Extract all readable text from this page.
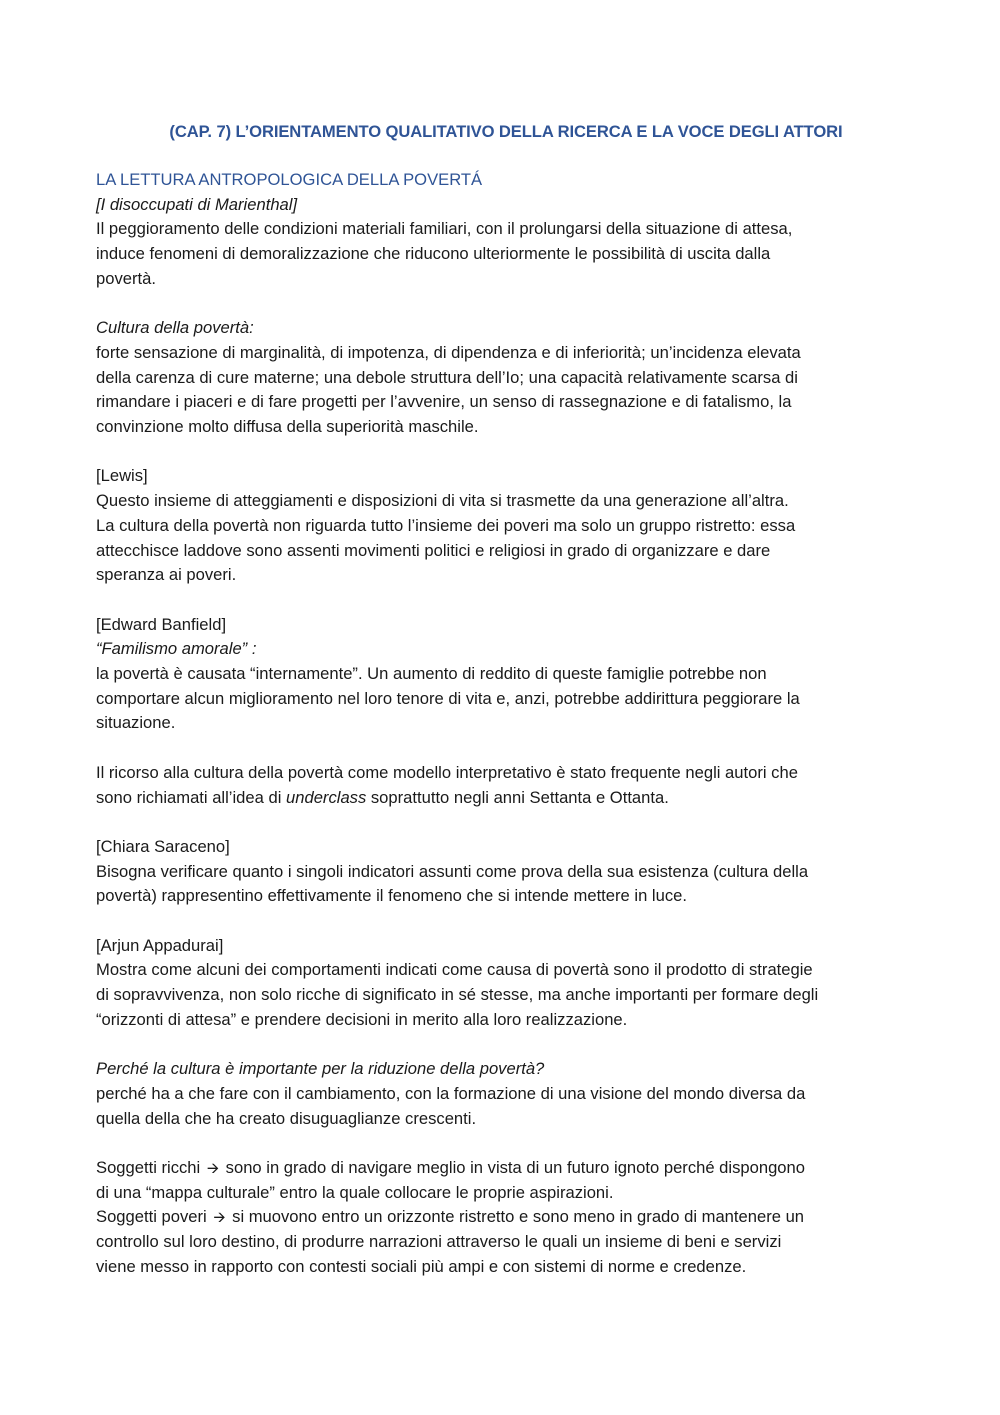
(CAP. 7) L’ORIENTAMENTO QUALITATIVO DELLA RICERCA E LA VOCE DEGLI ATTORI
LA LETTURA ANTROPOLOGICA DELLA POVERTÁ
[I disoccupati di Marienthal]
Il peggioramento delle condizioni materiali familiari, con il prolungarsi della situazione di attesa,
induce fenomeni di demoralizzazione che riducono ulteriormente le possibilità di uscita dalla
povertà.
Cultura della povertà:
forte sensazione di marginalità, di impotenza, di dipendenza e di inferiorità; un’incidenza elevata
della carenza di cure materne; una debole struttura dell’Io; una capacità relativamente scarsa di
rimandare i piaceri e di fare progetti per l’avvenire, un senso di rassegnazione e di fatalismo, la
convinzione molto diffusa della superiorità maschile.
[Lewis]
Questo insieme di atteggiamenti e disposizioni di vita si trasmette da una generazione all’altra.
La cultura della povertà non riguarda tutto l’insieme dei poveri ma solo un gruppo ristretto: essa
attecchisce laddove sono assenti movimenti politici e religiosi in grado di organizzare e dare
speranza ai poveri.
[Edward Banfield]
“Familismo amorale” :
la povertà è causata “internamente”. Un aumento di reddito di queste famiglie potrebbe non
comportare alcun miglioramento nel loro tenore di vita e, anzi, potrebbe addirittura peggiorare la
situazione.
Il ricorso alla cultura della povertà come modello interpretativo è stato frequente negli autori che
sono richiamati all’idea di underclass soprattutto negli anni Settanta e Ottanta.
[Chiara Saraceno]
Bisogna verificare quanto i singoli indicatori assunti come prova della sua esistenza (cultura della
povertà) rappresentino effettivamente il fenomeno che si intende mettere in luce.
[Arjun Appadurai]
Mostra come alcuni dei comportamenti indicati come causa di povertà sono il prodotto di strategie
di sopravvivenza, non solo ricche di significato in sé stesse, ma anche importanti per formare degli
“orizzonti di attesa” e prendere decisioni in merito alla loro realizzazione.
Perché la cultura è importante per la riduzione della povertà?
perché ha a che fare con il cambiamento, con la formazione di una visione del mondo diversa da
quella della che ha creato disuguaglianze crescenti.
Soggetti ricchi 🡪 sono in grado di navigare meglio in vista di un futuro ignoto perché dispongono
di una “mappa culturale” entro la quale collocare le proprie aspirazioni.
Soggetti poveri 🡪 si muovono entro un orizzonte ristretto e sono meno in grado di mantenere un
controllo sul loro destino, di produrre narrazioni attraverso le quali un insieme di beni e servizi
viene messo in rapporto con contesti sociali più ampi e con sistemi di norme e credenze.
